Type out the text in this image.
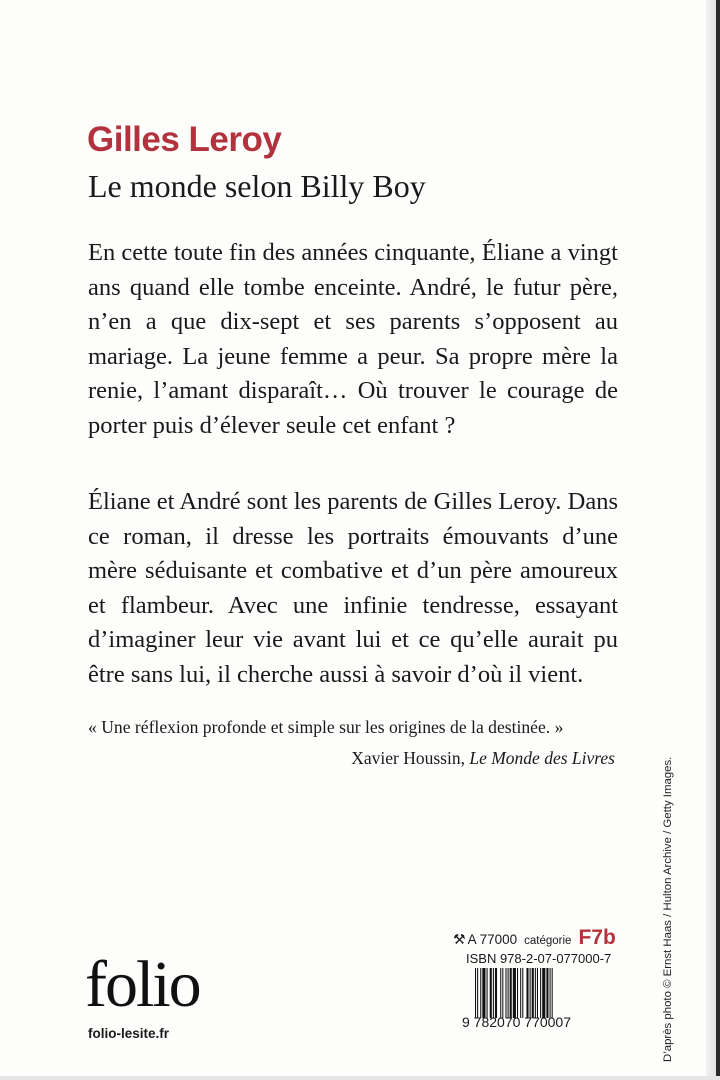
Gilles Leroy
Le monde selon Billy Boy
En cette toute fin des années cinquante, Éliane a vingt ans quand elle tombe enceinte. André, le futur père, n’en a que dix-sept et ses parents s’opposent au mariage. La jeune femme a peur. Sa propre mère la renie, l’amant disparaît… Où trouver le courage de porter puis d’élever seule cet enfant ?
Éliane et André sont les parents de Gilles Leroy. Dans ce roman, il dresse les portraits émouvants d’une mère séduisante et combative et d’un père amoureux et flambeur. Avec une infinie tendresse, essayant d’imaginer leur vie avant lui et ce qu’elle aurait pu être sans lui, il cherche aussi à savoir d’où il vient.
« Une réflexion profonde et simple sur les origines de la destinée. »
Xavier Houssin, Le Monde des Livres	D’après photo © Ernst Haas / Hulton Archive / Getty Images.
folio
folio-lesite.fr
⚒ A 77000 catégorie F7b
ISBN 978-2-07-077000-7
9 782070 770007
